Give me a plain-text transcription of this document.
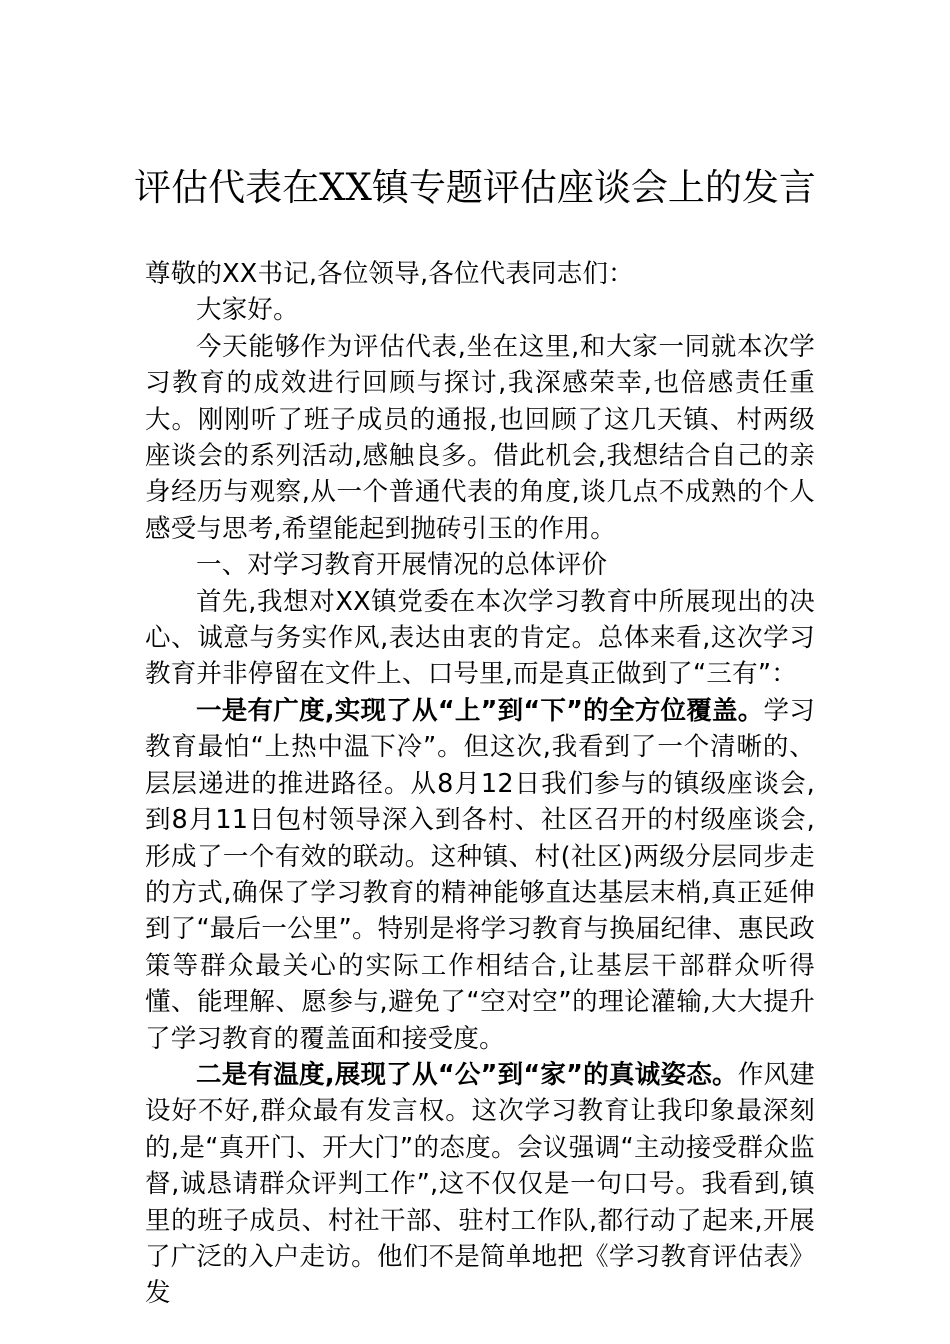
评估代表在XX镇专题评估座谈会上的发言

尊敬的XX书记,各位领导,各位代表同志们：

大家好。

今天能够作为评估代表,坐在这里,和大家一同就本次学习教育的成效进行回顾与探讨,我深感荣幸,也倍感责任重大。刚刚听了班子成员的通报,也回顾了这几天镇、村两级座谈会的系列活动,感触良多。借此机会,我想结合自己的亲身经历与观察,从一个普通代表的角度,谈几点不成熟的个人感受与思考,希望能起到抛砖引玉的作用。

一、对学习教育开展情况的总体评价

首先,我想对XX镇党委在本次学习教育中所展现出的决心、诚意与务实作风,表达由衷的肯定。总体来看,这次学习教育并非停留在文件上、口号里,而是真正做到了“三有”：

一是有广度,实现了从“上”到“下”的全方位覆盖。学习教育最怕“上热中温下冷”。但这次,我看到了一个清晰的、层层递进的推进路径。从8月12日我们参与的镇级座谈会,到8月11日包村领导深入到各村、社区召开的村级座谈会,形成了一个有效的联动。这种镇、村(社区)两级分层同步走的方式,确保了学习教育的精神能够直达基层末梢,真正延伸到了“最后一公里”。特别是将学习教育与换届纪律、惠民政策等群众最关心的实际工作相结合,让基层干部群众听得懂、能理解、愿参与,避免了“空对空”的理论灌输,大大提升了学习教育的覆盖面和接受度。

二是有温度,展现了从“公”到“家”的真诚姿态。作风建设好不好,群众最有发言权。这次学习教育让我印象最深刻的,是“真开门、开大门”的态度。会议强调“主动接受群众监督,诚恳请群众评判工作”,这不仅仅是一句口号。我看到,镇里的班子成员、村社干部、驻村工作队,都行动了起来,开展了广泛的入户走访。他们不是简单地把《学习教育评估表》发
